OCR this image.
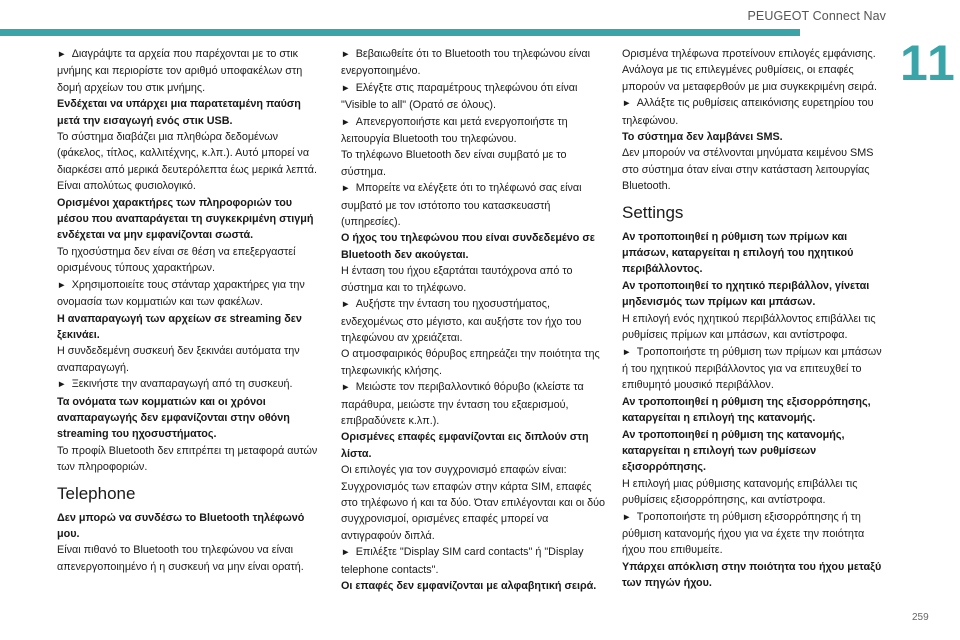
PEUGEOT Connect Nav
11

►  Διαγράψτε τα αρχεία που παρέχονται με το στικ μνήμης και περιορίστε τον αριθμό υποφακέλων στη δομή αρχείων του στικ μνήμης.

Ενδέχεται να υπάρχει μια παρατεταμένη παύση μετά την εισαγωγή ενός στικ USB.

Το σύστημα διαβάζει μια πληθώρα δεδομένων (φάκελος, τίτλος, καλλιτέχνης, κ.λπ.). Αυτό μπορεί να διαρκέσει από μερικά δευτερόλεπτα έως μερικά λεπτά.

Είναι απολύτως φυσιολογικό.

Ορισμένοι χαρακτήρες των πληροφοριών του μέσου που αναπαράγεται τη συγκεκριμένη στιγμή ενδέχεται να μην εμφανίζονται σωστά.

Το ηχοσύστημα δεν είναι σε θέση να επεξεργαστεί ορισμένους τύπους χαρακτήρων.

►  Χρησιμοποιείτε τους στάνταρ χαρακτήρες για την ονομασία των κομματιών και των φακέλων.

Η αναπαραγωγή των αρχείων σε streaming δεν ξεκινάει.

Η συνδεδεμένη συσκευή δεν ξεκινάει αυτόματα την αναπαραγωγή.

►  Ξεκινήστε την αναπαραγωγή από τη συσκευή.

Τα ονόματα των κομματιών και οι χρόνοι αναπαραγωγής δεν εμφανίζονται στην οθόνη streaming του ηχοσυστήματος.

Το προφίλ Bluetooth δεν επιτρέπει τη μεταφορά αυτών των πληροφοριών.

Telephone

Δεν μπορώ να συνδέσω το Bluetooth τηλέφωνό μου.

Είναι πιθανό το Bluetooth του τηλεφώνου να είναι απενεργοποιημένο ή η συσκευή να μην είναι ορατή.

►  Βεβαιωθείτε ότι το Bluetooth του τηλεφώνου είναι ενεργοποιημένο.

►  Ελέγξτε στις παραμέτρους τηλεφώνου ότι είναι "Visible to all" (Ορατό σε όλους).

►  Απενεργοποιήστε και μετά ενεργοποιήστε τη λειτουργία Bluetooth του τηλεφώνου.

Το τηλέφωνο Bluetooth δεν είναι συμβατό με το σύστημα.

►  Μπορείτε να ελέγξετε ότι το τηλέφωνό σας είναι συμβατό με τον ιστότοπο του κατασκευαστή (υπηρεσίες).

Ο ήχος του τηλεφώνου που είναι συνδεδεμένο σε Bluetooth δεν ακούγεται.

Η ένταση του ήχου εξαρτάται ταυτόχρονα από το σύστημα και το τηλέφωνο.

►  Αυξήστε την ένταση του ηχοσυστήματος, ενδεχομένως στο μέγιστο, και αυξήστε τον ήχο του τηλεφώνου αν χρειάζεται.

Ο ατμοσφαιρικός θόρυβος επηρεάζει την ποιότητα της τηλεφωνικής κλήσης.

►  Μειώστε τον περιβαλλοντικό θόρυβο (κλείστε τα παράθυρα, μειώστε την ένταση του εξαερισμού, επιβραδύνετε κ.λπ.).

Ορισμένες επαφές εμφανίζονται εις διπλούν στη λίστα.

Οι επιλογές για τον συγχρονισμό επαφών είναι: Συγχρονισμός των επαφών στην κάρτα SIM, επαφές στο τηλέφωνο ή και τα δύο. Όταν επιλέγονται και οι δύο συγχρονισμοί, ορισμένες επαφές μπορεί να αντιγραφούν διπλά.

►  Επιλέξτε "Display SIM card contacts" ή "Display telephone contacts".

Οι επαφές δεν εμφανίζονται με αλφαβητική σειρά.

Ορισμένα τηλέφωνα προτείνουν επιλογές εμφάνισης. Ανάλογα με τις επιλεγμένες ρυθμίσεις, οι επαφές μπορούν να μεταφερθούν με μια συγκεκριμένη σειρά.

►  Αλλάξτε τις ρυθμίσεις απεικόνισης ευρετηρίου του τηλεφώνου.

Το σύστημα δεν λαμβάνει SMS.

Δεν μπορούν να στέλνονται μηνύματα κειμένου SMS στο σύστημα όταν είναι στην κατάσταση λειτουργίας Bluetooth.

Settings

Αν τροποποιηθεί η ρύθμιση των πρίμων και μπάσων, καταργείται η επιλογή του ηχητικού περιβάλλοντος.

Αν τροποποιηθεί το ηχητικό περιβάλλον, γίνεται μηδενισμός των πρίμων και μπάσων.

Η επιλογή ενός ηχητικού περιβάλλοντος επιβάλλει τις ρυθμίσεις πρίμων και μπάσων, και αντίστροφα.

►  Τροποποιήστε τη ρύθμιση των πρίμων και μπάσων ή του ηχητικού περιβάλλοντος για να επιτευχθεί το επιθυμητό μουσικό περιβάλλον.

Αν τροποποιηθεί η ρύθμιση της εξισορρόπησης, καταργείται η επιλογή της κατανομής.

Αν τροποποιηθεί η ρύθμιση της κατανομής, καταργείται η επιλογή των ρυθμίσεων εξισορρόπησης.

Η επιλογή μιας ρύθμισης κατανομής επιβάλλει τις ρυθμίσεις εξισορρόπησης, και αντίστροφα.

►  Τροποποιήστε τη ρύθμιση εξισορρόπησης ή τη ρύθμιση κατανομής ήχου για να έχετε την ποιότητα ήχου που επιθυμείτε.

Υπάρχει απόκλιση στην ποιότητα του ήχου μεταξύ των πηγών ήχου.

259
